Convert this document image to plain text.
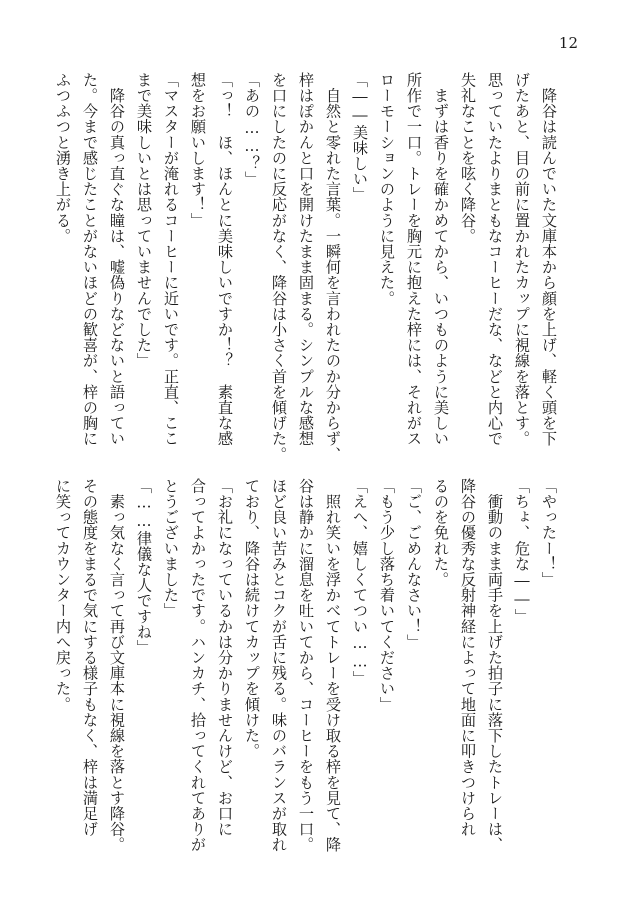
12
　降谷は読んでいた文庫本から顔を上げ、軽く頭を下
げたあと、目の前に置かれたカップに視線を落とす。
思っていたよりまともなコーヒーだな、などと内心で
失礼なことを呟く降谷。
　まずは香りを確かめてから、いつものように美しい
所作で一口。トレーを胸元に抱えた梓には、それがス
ローモーションのように見えた。
「――美味しい」
　自然と零れた言葉。一瞬何を言われたのか分からず、
梓はぽかんと口を開けたまま固まる。シンプルな感想
を口にしたのに反応がなく、降谷は小さく首を傾げた。
「あの……？」
「っ！　ほ、ほんとに美味しいですか！？　素直な感
想をお願いします！」
「マスターが淹れるコーヒーに近いです。正直、ここ
まで美味しいとは思っていませんでした」
　降谷の真っ直ぐな瞳は、嘘偽りなどないと語ってい
た。今まで感じたことがないほどの歓喜が、梓の胸に
ふつふつと湧き上がる。
「やったー！」
「ちょ、危な――」
　衝動のまま両手を上げた拍子に落下したトレーは、
降谷の優秀な反射神経によって地面に叩きつけられ
るのを免れた。
「ご、ごめんなさい！」
「もう少し落ち着いてください」
「えへ、嬉しくてつい……」
　照れ笑いを浮かべてトレーを受け取る梓を見て、降
谷は静かに溜息を吐いてから、コーヒーをもう一口。
ほど良い苦みとコクが舌に残る。味のバランスが取れ
ており、降谷は続けてカップを傾けた。
「お礼になっているかは分かりませんけど、お口に
合ってよかったです。ハンカチ、拾ってくれてありが
とうございました」
「……律儀な人ですね」
　素っ気なく言って再び文庫本に視線を落とす降谷。
その態度をまるで気にする様子もなく、梓は満足げ
に笑ってカウンター内へ戻った。
